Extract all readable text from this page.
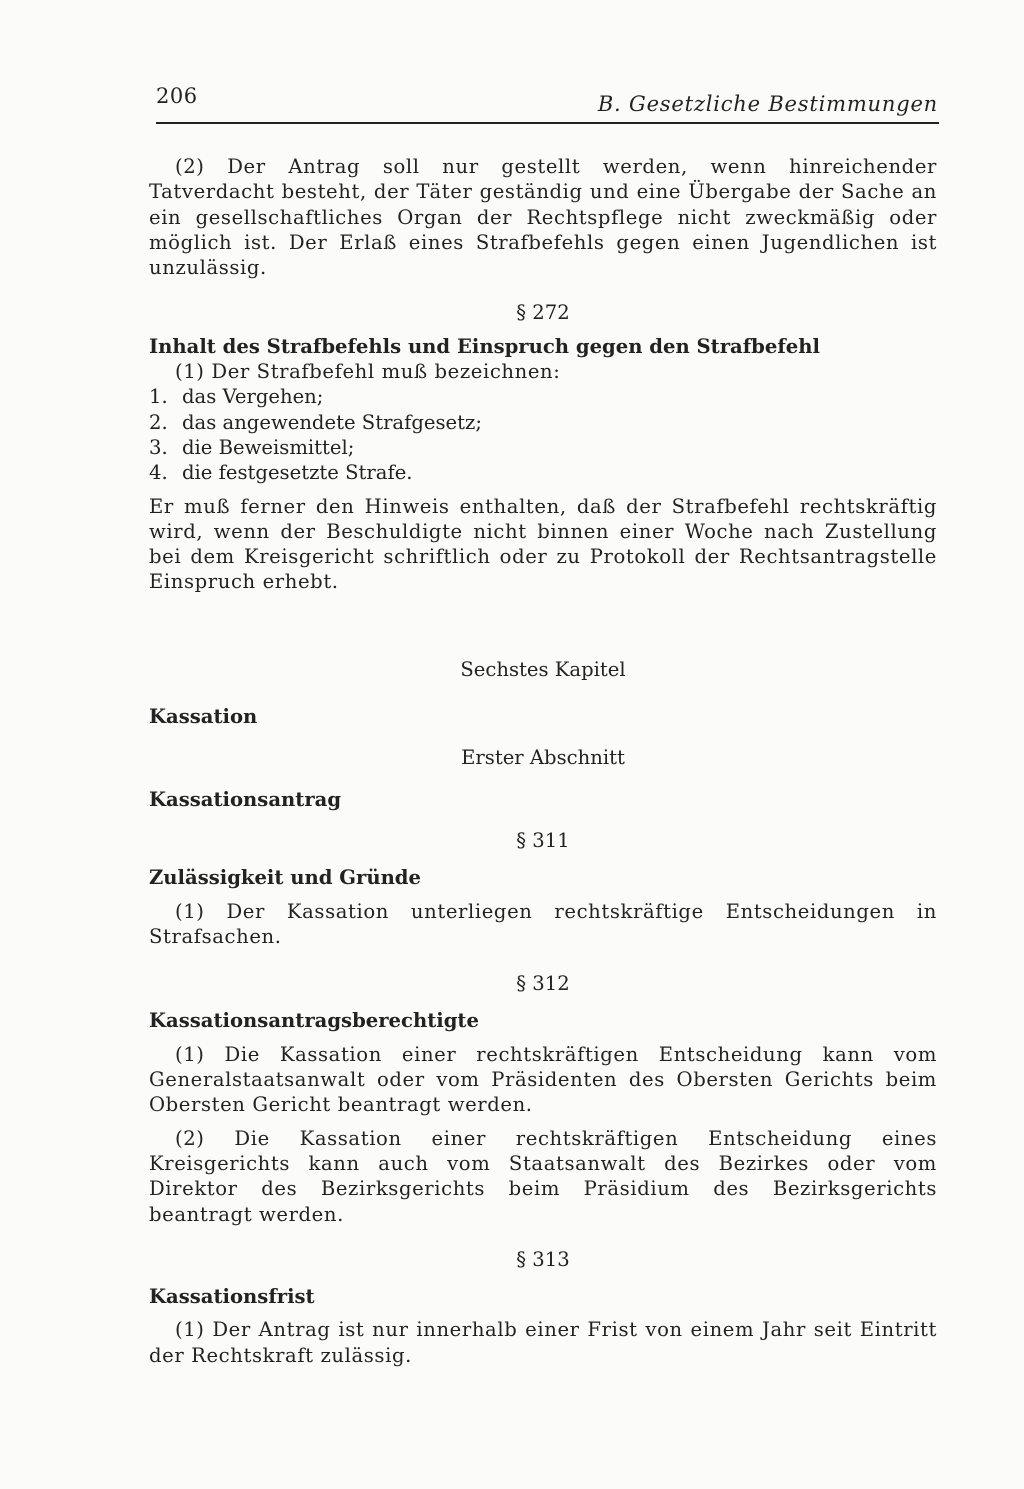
206	B. Gesetzliche Bestimmungen

(2) Der Antrag soll nur gestellt werden, wenn hinreichender Tatverdacht besteht, der Täter geständig und eine Übergabe der Sache an ein gesellschaftliches Organ der Rechtspflege nicht zweckmäßig oder möglich ist. Der Erlaß eines Strafbefehls gegen einen Jugendlichen ist unzulässig.

§ 272

Inhalt des Strafbefehls und Einspruch gegen den Strafbefehl

(1) Der Strafbefehl muß bezeichnen:

1. das Vergehen;
2. das angewendete Strafgesetz;
3. die Beweismittel;
4. die festgesetzte Strafe.

Er muß ferner den Hinweis enthalten, daß der Strafbefehl rechtskräftig wird, wenn der Beschuldigte nicht binnen einer Woche nach Zustellung bei dem Kreisgericht schriftlich oder zu Protokoll der Rechtsantragstelle Einspruch erhebt.

Sechstes Kapitel

Kassation

Erster Abschnitt

Kassationsantrag

§ 311

Zulässigkeit und Gründe

(1) Der Kassation unterliegen rechtskräftige Entscheidungen in Strafsachen.

§ 312

Kassationsantragsberechtigte

(1) Die Kassation einer rechtskräftigen Entscheidung kann vom Generalstaatsanwalt oder vom Präsidenten des Obersten Gerichts beim Obersten Gericht beantragt werden.

(2) Die Kassation einer rechtskräftigen Entscheidung eines Kreisgerichts kann auch vom Staatsanwalt des Bezirkes oder vom Direktor des Bezirksgerichts beim Präsidium des Bezirksgerichts beantragt werden.

§ 313

Kassationsfrist

(1) Der Antrag ist nur innerhalb einer Frist von einem Jahr seit Eintritt der Rechtskraft zulässig.
